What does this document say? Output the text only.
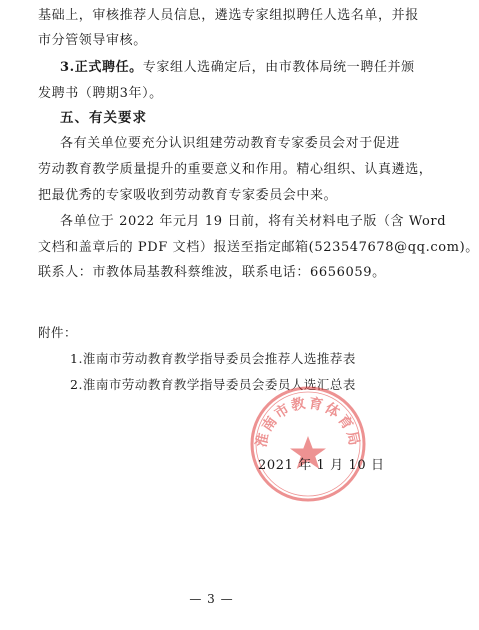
基础上，审核推荐人员信息，遴选专家组拟聘任人选名单，并报
市分管领导审核。
3.正式聘任。专家组人选确定后，由市教体局统一聘任并颁
发聘书（聘期3年）。
五、有关要求
各有关单位要充分认识组建劳动教育专家委员会对于促进
劳动教育教学质量提升的重要意义和作用。精心组织、认真遴选，
把最优秀的专家吸收到劳动教育专家委员会中来。
各单位于 2022 年元月 19 日前，将有关材料电子版（含 Word
文档和盖章后的 PDF 文档）报送至指定邮箱(523547678@qq.com)。
联系人：市教体局基教科蔡维波，联系电话：6656059。
附件：
1.淮南市劳动教育教学指导委员会推荐人选推荐表
2.淮南市劳动教育教学指导委员会委员人选汇总表
淮南市教育体育局
2021 年 1 月 10 日
— 3 —
